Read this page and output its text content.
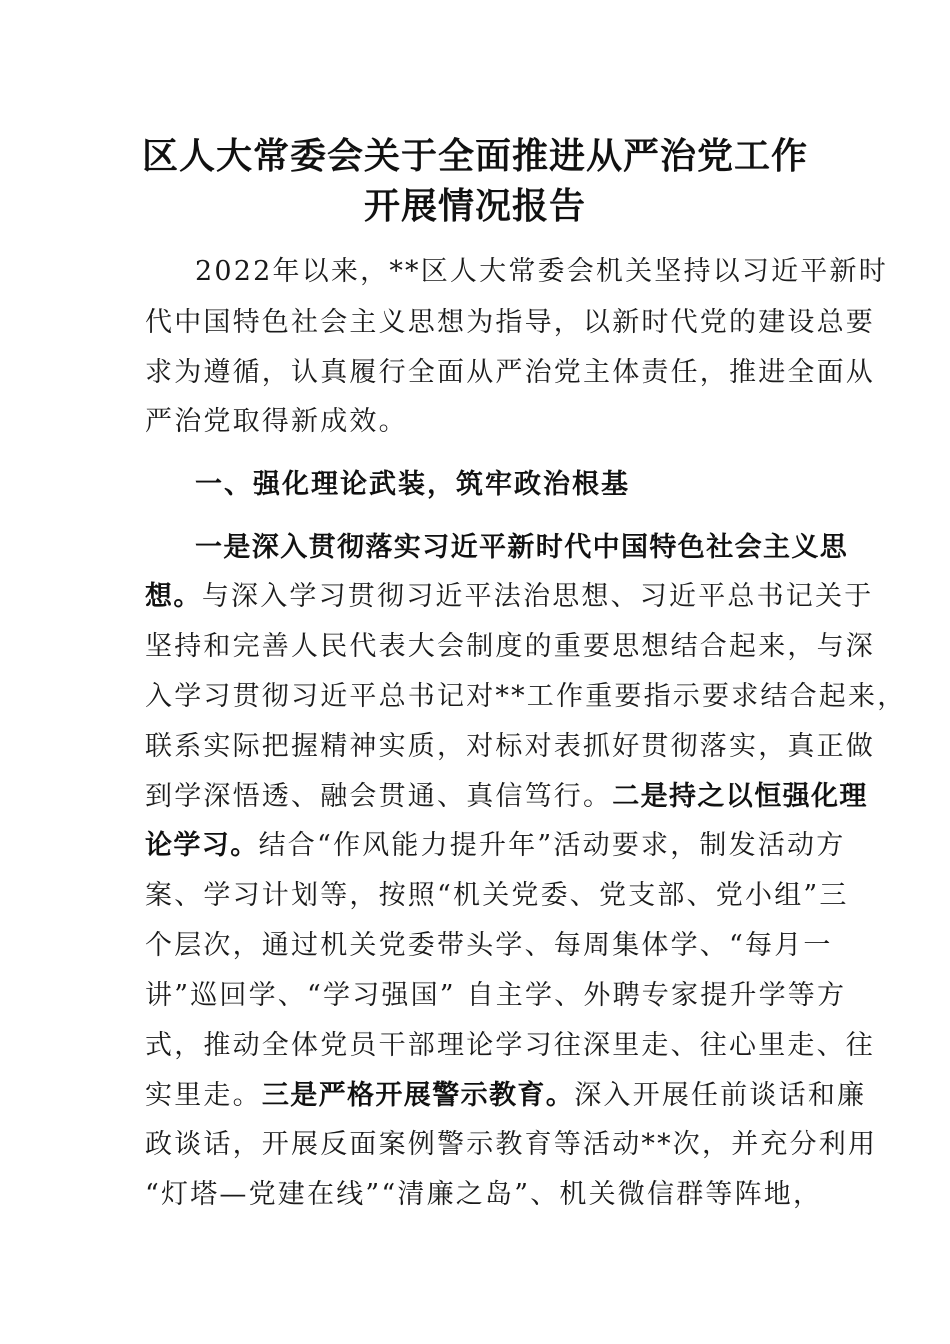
区人大常委会关于全面推进从严治党工作
开展情况报告
2022年以来，**区人大常委会机关坚持以习近平新时
代中国特色社会主义思想为指导，以新时代党的建设总要
求为遵循，认真履行全面从严治党主体责任，推进全面从
严治党取得新成效。
一、强化理论武装，筑牢政治根基
一是深入贯彻落实习近平新时代中国特色社会主义思
想。与深入学习贯彻习近平法治思想、习近平总书记关于
坚持和完善人民代表大会制度的重要思想结合起来，与深
入学习贯彻习近平总书记对**工作重要指示要求结合起来，
联系实际把握精神实质，对标对表抓好贯彻落实，真正做
到学深悟透、融会贯通、真信笃行。二是持之以恒强化理
论学习。结合“作风能力提升年”活动要求，制发活动方
案、学习计划等，按照“机关党委、党支部、党小组”三
个层次，通过机关党委带头学、每周集体学、“每月一
讲”巡回学、“学习强国” 自主学、外聘专家提升学等方
式，推动全体党员干部理论学习往深里走、往心里走、往
实里走。三是严格开展警示教育。深入开展任前谈话和廉
政谈话，开展反面案例警示教育等活动**次，并充分利用
“灯塔—党建在线”“清廉之岛”、机关微信群等阵地，
